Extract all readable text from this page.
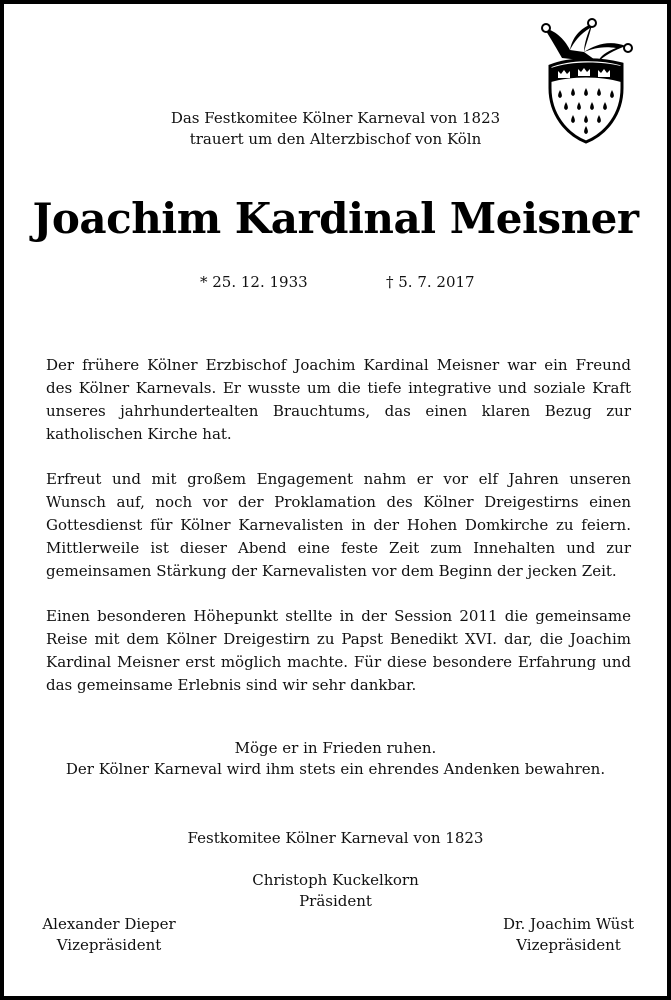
Das Festkomitee Kölner Karneval von 1823
trauert um den Alterzbischof von Köln
Joachim Kardinal Meisner
* 25. 12. 1933	† 5. 7. 2017

Der frühere Kölner Erzbischof Joachim Kardinal Meisner war ein Freund des Kölner Karnevals. Er wusste um die tiefe integrative und soziale Kraft unseres jahrhundertealten Brauchtums, das einen klaren Bezug zur katholischen Kirche hat.

Erfreut und mit großem Engagement nahm er vor elf Jahren unseren Wunsch auf, noch vor der Proklamation des Kölner Dreigestirns einen Gottesdienst für Kölner Karnevalisten in der Hohen Domkirche zu feiern. Mittlerweile ist dieser Abend eine feste Zeit zum Innehalten und zur gemeinsamen Stärkung der Karnevalisten vor dem Beginn der jecken Zeit.

Einen besonderen Höhepunkt stellte in der Session 2011 die gemeinsame Reise mit dem Kölner Dreigestirn zu Papst Benedikt XVI. dar, die Joachim Kardinal Meisner erst möglich machte. Für diese besondere Erfahrung und das gemeinsame Erlebnis sind wir sehr dankbar.

Möge er in Frieden ruhen.
Der Kölner Karneval wird ihm stets ein ehrendes Andenken bewahren.
Festkomitee Kölner Karneval von 1823
Christoph Kuckelkorn
Präsident
Alexander Dieper
Vizepräsident
Dr. Joachim Wüst
Vizepräsident
